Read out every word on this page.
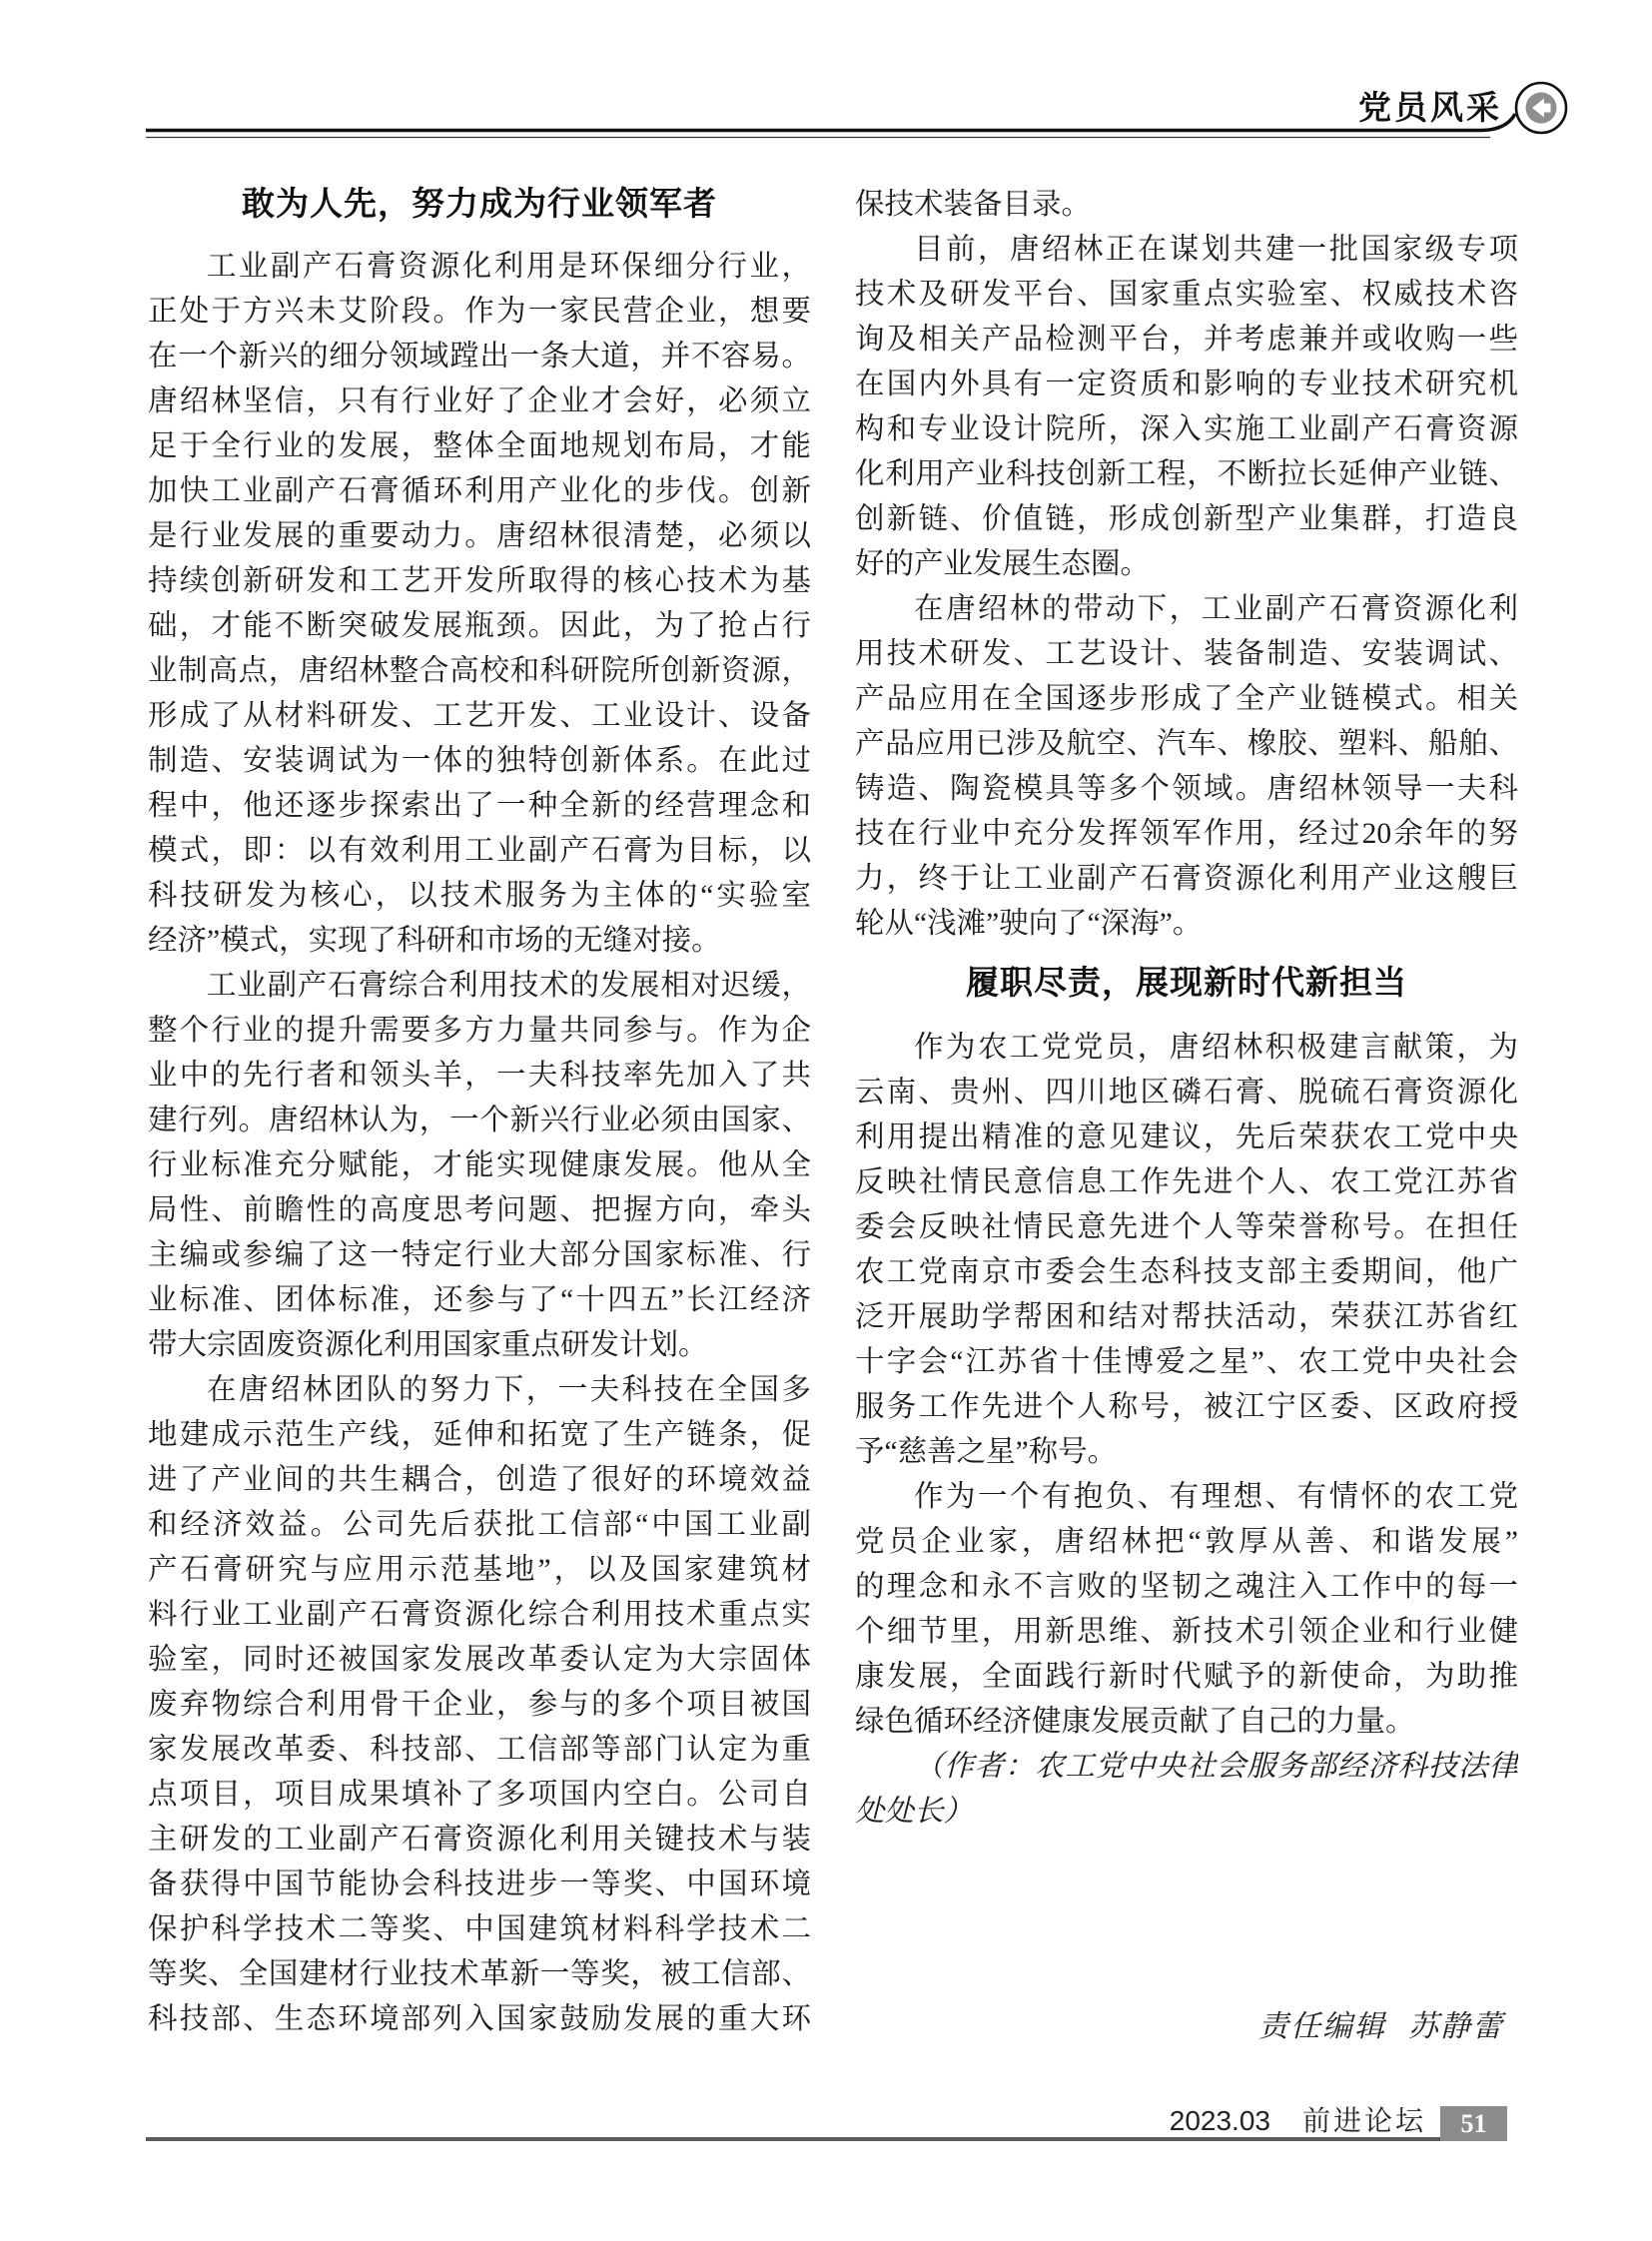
党员风采
敢为人先，努力成为行业领军者
工业副产石膏资源化利用是环保细分行业，
正处于方兴未艾阶段。作为一家民营企业，想要
在一个新兴的细分领域蹚出一条大道，并不容易。
唐绍林坚信，只有行业好了企业才会好，必须立
足于全行业的发展，整体全面地规划布局，才能
加快工业副产石膏循环利用产业化的步伐。创新
是行业发展的重要动力。唐绍林很清楚，必须以
持续创新研发和工艺开发所取得的核心技术为基
础，才能不断突破发展瓶颈。因此，为了抢占行
业制高点，唐绍林整合高校和科研院所创新资源，
形成了从材料研发、工艺开发、工业设计、设备
制造、安装调试为一体的独特创新体系。在此过
程中，他还逐步探索出了一种全新的经营理念和
模式，即：以有效利用工业副产石膏为目标，以
科技研发为核心，以技术服务为主体的“实验室
经济”模式，实现了科研和市场的无缝对接。
工业副产石膏综合利用技术的发展相对迟缓，
整个行业的提升需要多方力量共同参与。作为企
业中的先行者和领头羊，一夫科技率先加入了共
建行列。唐绍林认为，一个新兴行业必须由国家、
行业标准充分赋能，才能实现健康发展。他从全
局性、前瞻性的高度思考问题、把握方向，牵头
主编或参编了这一特定行业大部分国家标准、行
业标准、团体标准，还参与了“十四五”长江经济
带大宗固废资源化利用国家重点研发计划。
在唐绍林团队的努力下，一夫科技在全国多
地建成示范生产线，延伸和拓宽了生产链条，促
进了产业间的共生耦合，创造了很好的环境效益
和经济效益。公司先后获批工信部“中国工业副
产石膏研究与应用示范基地”，以及国家建筑材
料行业工业副产石膏资源化综合利用技术重点实
验室，同时还被国家发展改革委认定为大宗固体
废弃物综合利用骨干企业，参与的多个项目被国
家发展改革委、科技部、工信部等部门认定为重
点项目，项目成果填补了多项国内空白。公司自
主研发的工业副产石膏资源化利用关键技术与装
备获得中国节能协会科技进步一等奖、中国环境
保护科学技术二等奖、中国建筑材料科学技术二
等奖、全国建材行业技术革新一等奖，被工信部、
科技部、生态环境部列入国家鼓励发展的重大环
保技术装备目录。
目前，唐绍林正在谋划共建一批国家级专项
技术及研发平台、国家重点实验室、权威技术咨
询及相关产品检测平台，并考虑兼并或收购一些
在国内外具有一定资质和影响的专业技术研究机
构和专业设计院所，深入实施工业副产石膏资源
化利用产业科技创新工程，不断拉长延伸产业链、
创新链、价值链，形成创新型产业集群，打造良
好的产业发展生态圈。
在唐绍林的带动下，工业副产石膏资源化利
用技术研发、工艺设计、装备制造、安装调试、
产品应用在全国逐步形成了全产业链模式。相关
产品应用已涉及航空、汽车、橡胶、塑料、船舶、
铸造、陶瓷模具等多个领域。唐绍林领导一夫科
技在行业中充分发挥领军作用，经过20余年的努
力，终于让工业副产石膏资源化利用产业这艘巨
轮从“浅滩”驶向了“深海”。
履职尽责，展现新时代新担当
作为农工党党员，唐绍林积极建言献策，为
云南、贵州、四川地区磷石膏、脱硫石膏资源化
利用提出精准的意见建议，先后荣获农工党中央
反映社情民意信息工作先进个人、农工党江苏省
委会反映社情民意先进个人等荣誉称号。在担任
农工党南京市委会生态科技支部主委期间，他广
泛开展助学帮困和结对帮扶活动，荣获江苏省红
十字会“江苏省十佳博爱之星”、农工党中央社会
服务工作先进个人称号，被江宁区委、区政府授
予“慈善之星”称号。
作为一个有抱负、有理想、有情怀的农工党
党员企业家，唐绍林把“敦厚从善、和谐发展”
的理念和永不言败的坚韧之魂注入工作中的每一
个细节里，用新思维、新技术引领企业和行业健
康发展，全面践行新时代赋予的新使命，为助推
绿色循环经济健康发展贡献了自己的力量。
（作者：农工党中央社会服务部经济科技法律
处处长）
责任编辑 苏静蕾
2023.03 前进论坛 51
